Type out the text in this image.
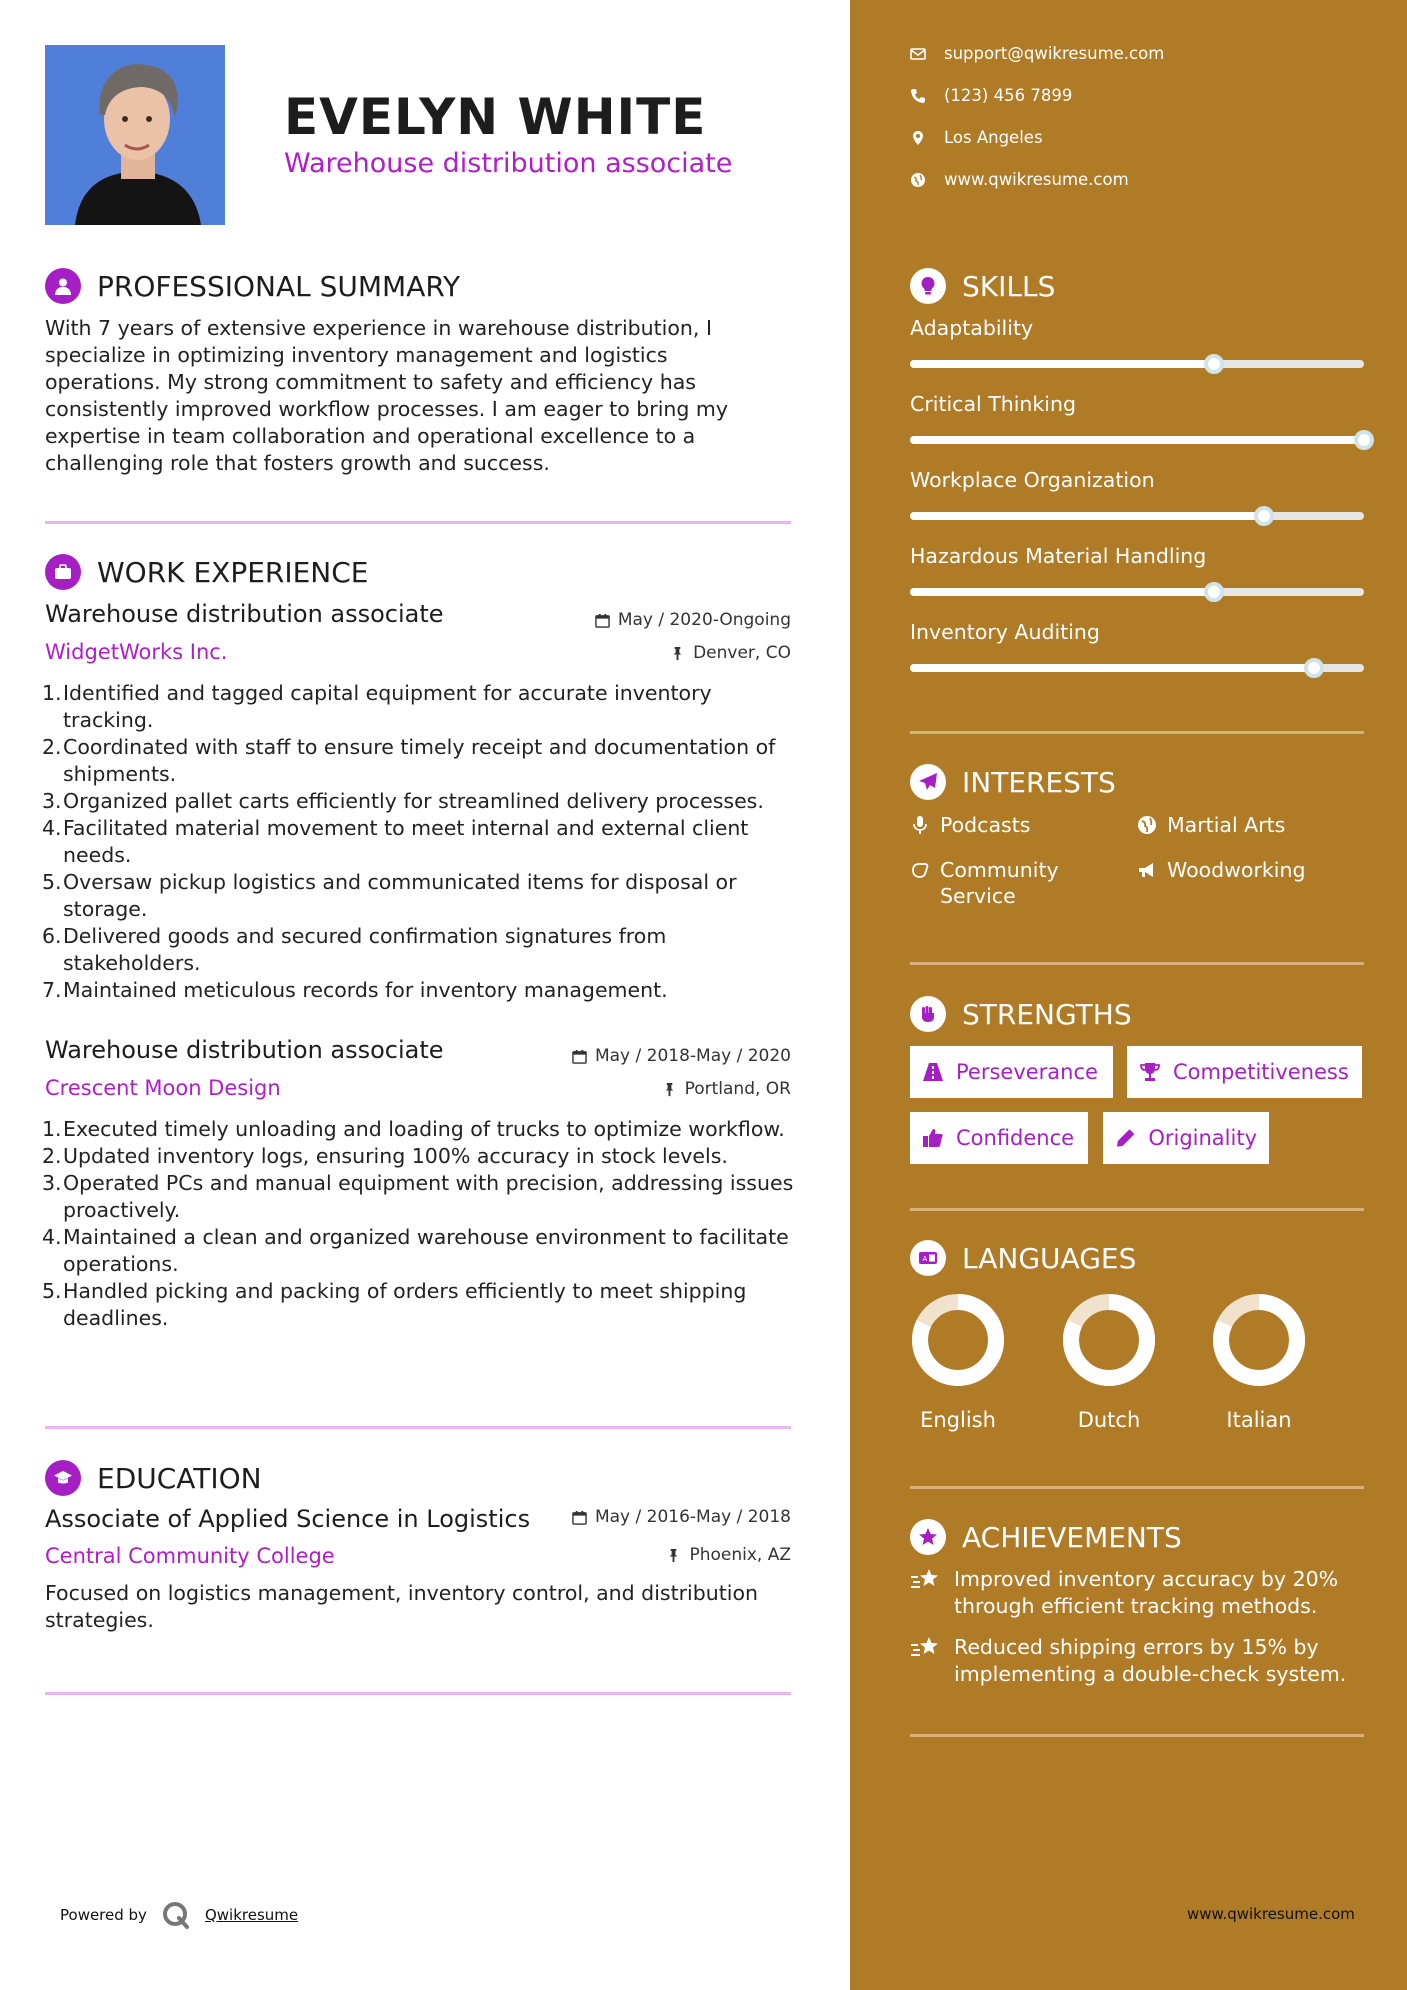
EVELYN WHITE
Warehouse distribution associate
PROFESSIONAL SUMMARY
With 7 years of extensive experience in warehouse distribution, I specialize in optimizing inventory management and logistics operations. My strong commitment to safety and efficiency has consistently improved workflow processes. I am eager to bring my expertise in team collaboration and operational excellence to a challenging role that fosters growth and success.
WORK EXPERIENCE
Warehouse distribution associate	May / 2020-Ongoing
WidgetWorks Inc.	Denver, CO
1. Identified and tagged capital equipment for accurate inventory tracking.
2. Coordinated with staff to ensure timely receipt and documentation of shipments.
3. Organized pallet carts efficiently for streamlined delivery processes.
4. Facilitated material movement to meet internal and external client needs.
5. Oversaw pickup logistics and communicated items for disposal or storage.
6. Delivered goods and secured confirmation signatures from stakeholders.
7. Maintained meticulous records for inventory management.
Warehouse distribution associate	May / 2018-May / 2020
Crescent Moon Design	Portland, OR
1. Executed timely unloading and loading of trucks to optimize workflow.
2. Updated inventory logs, ensuring 100% accuracy in stock levels.
3. Operated PCs and manual equipment with precision, addressing issues proactively.
4. Maintained a clean and organized warehouse environment to facilitate operations.
5. Handled picking and packing of orders efficiently to meet shipping deadlines.
EDUCATION
Associate of Applied Science in Logistics	May / 2016-May / 2018
Central Community College	Phoenix, AZ
Focused on logistics management, inventory control, and distribution strategies.
Powered by	Qwikresume
support@qwikresume.com
(123) 456 7899
Los Angeles
www.qwikresume.com
SKILLS
Adaptability
Critical Thinking
Workplace Organization
Hazardous Material Handling
Inventory Auditing
INTERESTS
Podcasts	Martial Arts
Community Service
Woodworking
STRENGTHS
Perseverance	Competitiveness
Confidence	Originality
A LANGUAGES
English	Dutch	Italian
ACHIEVEMENTS
Improved inventory accuracy by 20% through efficient tracking methods.
Reduced shipping errors by 15% by implementing a double-check system.
www.qwikresume.com
